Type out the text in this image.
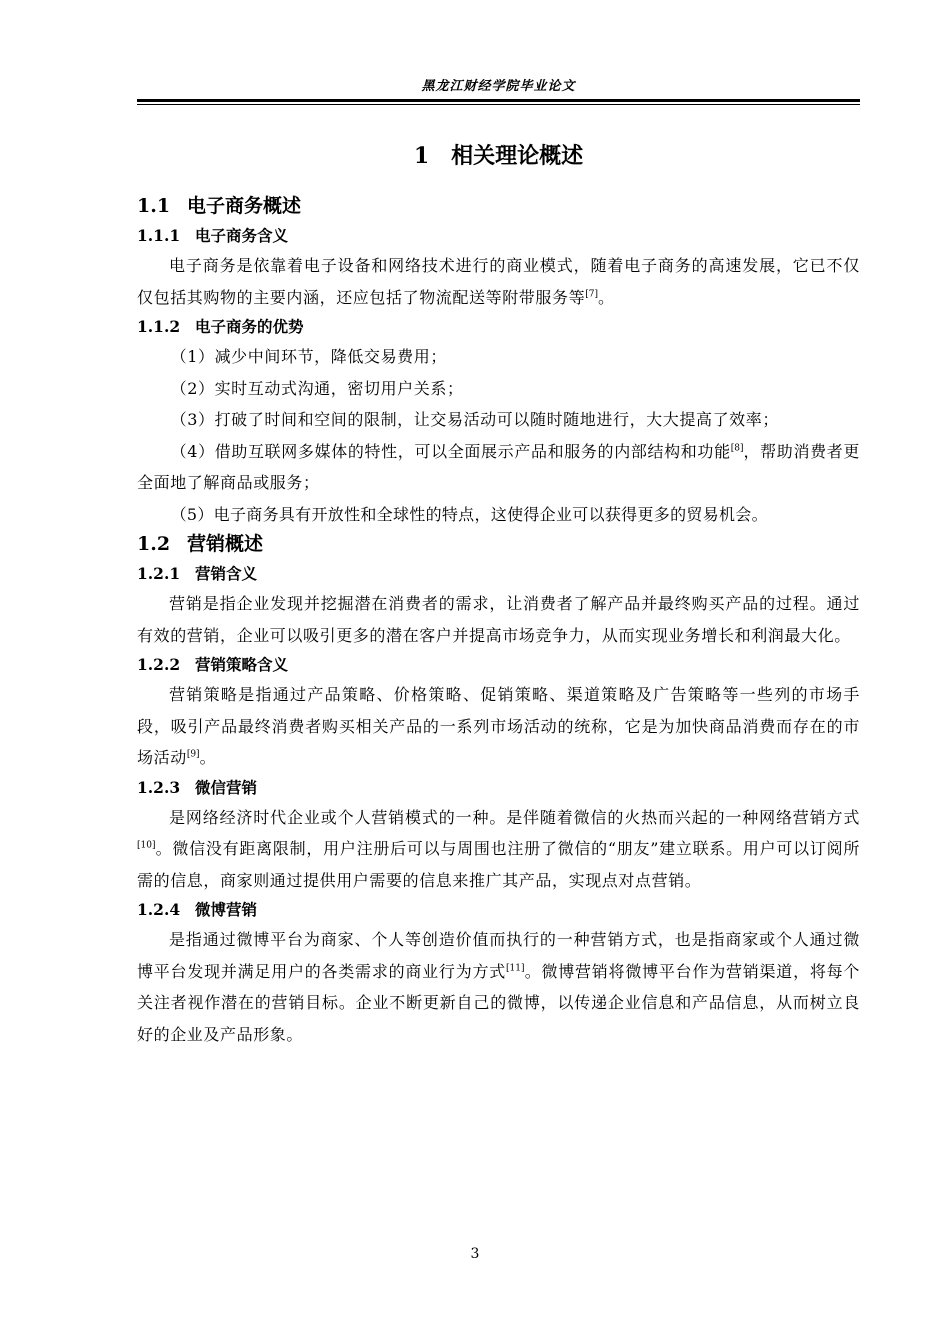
黑龙江财经学院毕业论文
1 相关理论概述
1.1 电子商务概述
1.1.1 电子商务含义

电子商务是依靠着电子设备和网络技术进行的商业模式，随着电子商务的高速发展，它已不仅仅包括其购物的主要内涵，还应包括了物流配送等附带服务等[7]。

1.1.2 电子商务的优势

（1）减少中间环节，降低交易费用；

（2）实时互动式沟通，密切用户关系；

（3）打破了时间和空间的限制，让交易活动可以随时随地进行，大大提高了效率；

（4）借助互联网多媒体的特性，可以全面展示产品和服务的内部结构和功能[8]，帮助消费者更全面地了解商品或服务；

（5）电子商务具有开放性和全球性的特点，这使得企业可以获得更多的贸易机会。

1.2 营销概述
1.2.1 营销含义

营销是指企业发现并挖掘潜在消费者的需求，让消费者了解产品并最终购买产品的过程。通过有效的营销，企业可以吸引更多的潜在客户并提高市场竞争力，从而实现业务增长和利润最大化。

1.2.2 营销策略含义

营销策略是指通过产品策略、价格策略、促销策略、渠道策略及广告策略等一些列的市场手段，吸引产品最终消费者购买相关产品的一系列市场活动的统称，它是为加快商品消费而存在的市场活动[9]。

1.2.3 微信营销

是网络经济时代企业或个人营销模式的一种。是伴随着微信的火热而兴起的一种网络营销方式[10]。微信没有距离限制，用户注册后可以与周围也注册了微信的“朋友”建立联系。用户可以订阅所需的信息，商家则通过提供用户需要的信息来推广其产品，实现点对点营销。

1.2.4 微博营销

是指通过微博平台为商家、个人等创造价值而执行的一种营销方式，也是指商家或个人通过微博平台发现并满足用户的各类需求的商业行为方式[11]。微博营销将微博平台作为营销渠道，将每个关注者视作潜在的营销目标。企业不断更新自己的微博，以传递企业信息和产品信息，从而树立良好的企业及产品形象。

3
